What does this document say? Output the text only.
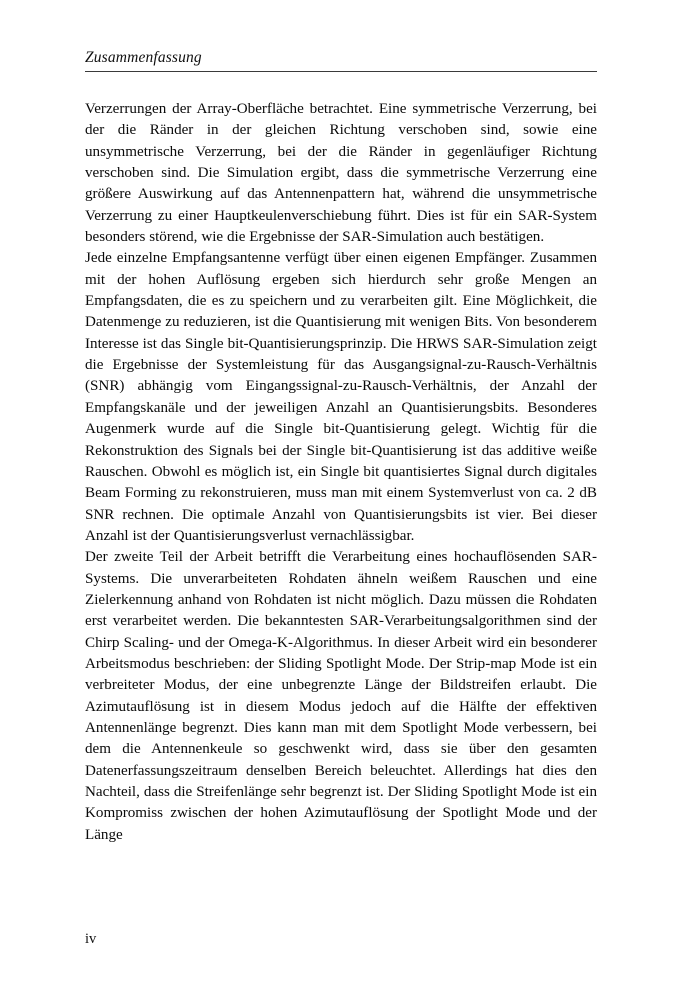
Zusammenfassung

Verzerrungen der Array-Oberfläche betrachtet. Eine symmetrische Verzerrung, bei der die Ränder in der gleichen Richtung verschoben sind, sowie eine unsymmetrische Verzerrung, bei der die Ränder in gegenläufiger Richtung verschoben sind. Die Simulation ergibt, dass die symmetrische Verzerrung eine größere Auswirkung auf das Antennenpattern hat, während die unsymmetrische Verzerrung zu einer Hauptkeulenverschiebung führt. Dies ist für ein SAR-System besonders störend, wie die Ergebnisse der SAR-Simulation auch bestätigen.

Jede einzelne Empfangsantenne verfügt über einen eigenen Empfänger. Zusammen mit der hohen Auflösung ergeben sich hierdurch sehr große Mengen an Empfangsdaten, die es zu speichern und zu verarbeiten gilt. Eine Möglichkeit, die Datenmenge zu reduzieren, ist die Quantisierung mit wenigen Bits. Von besonderem Interesse ist das Single bit-Quantisierungsprinzip. Die HRWS SAR-Simulation zeigt die Ergebnisse der Systemleistung für das Ausgangsignal-zu-Rausch-Verhältnis (SNR) abhängig vom Eingangssignal-zu-Rausch-Verhältnis, der Anzahl der Empfangskanäle und der jeweiligen Anzahl an Quantisierungsbits. Besonderes Augenmerk wurde auf die Single bit-Quantisierung gelegt. Wichtig für die Rekonstruktion des Signals bei der Single bit-Quantisierung ist das additive weiße Rauschen. Obwohl es möglich ist, ein Single bit quantisiertes Signal durch digitales Beam Forming zu rekonstruieren, muss man mit einem Systemverlust von ca. 2 dB SNR rechnen. Die optimale Anzahl von Quantisierungsbits ist vier. Bei dieser Anzahl ist der Quantisierungsverlust vernachlässigbar.

Der zweite Teil der Arbeit betrifft die Verarbeitung eines hochauflösenden SAR-Systems. Die unverarbeiteten Rohdaten ähneln weißem Rauschen und eine Zielerkennung anhand von Rohdaten ist nicht möglich. Dazu müssen die Rohdaten erst verarbeitet werden. Die bekanntesten SAR-Verarbeitungsalgorithmen sind der Chirp Scaling- und der Omega-K-Algorithmus. In dieser Arbeit wird ein besonderer Arbeitsmodus beschrieben: der Sliding Spotlight Mode. Der Strip-map Mode ist ein verbreiteter Modus, der eine unbegrenzte Länge der Bildstreifen erlaubt. Die Azimutauflösung ist in diesem Modus jedoch auf die Hälfte der effektiven Antennenlänge begrenzt. Dies kann man mit dem Spotlight Mode verbessern, bei dem die Antennenkeule so geschwenkt wird, dass sie über den gesamten Datenerfassungszeitraum denselben Bereich beleuchtet. Allerdings hat dies den Nachteil, dass die Streifenlänge sehr begrenzt ist. Der Sliding Spotlight Mode ist ein Kompromiss zwischen der hohen Azimutauflösung der Spotlight Mode und der Länge

iv
